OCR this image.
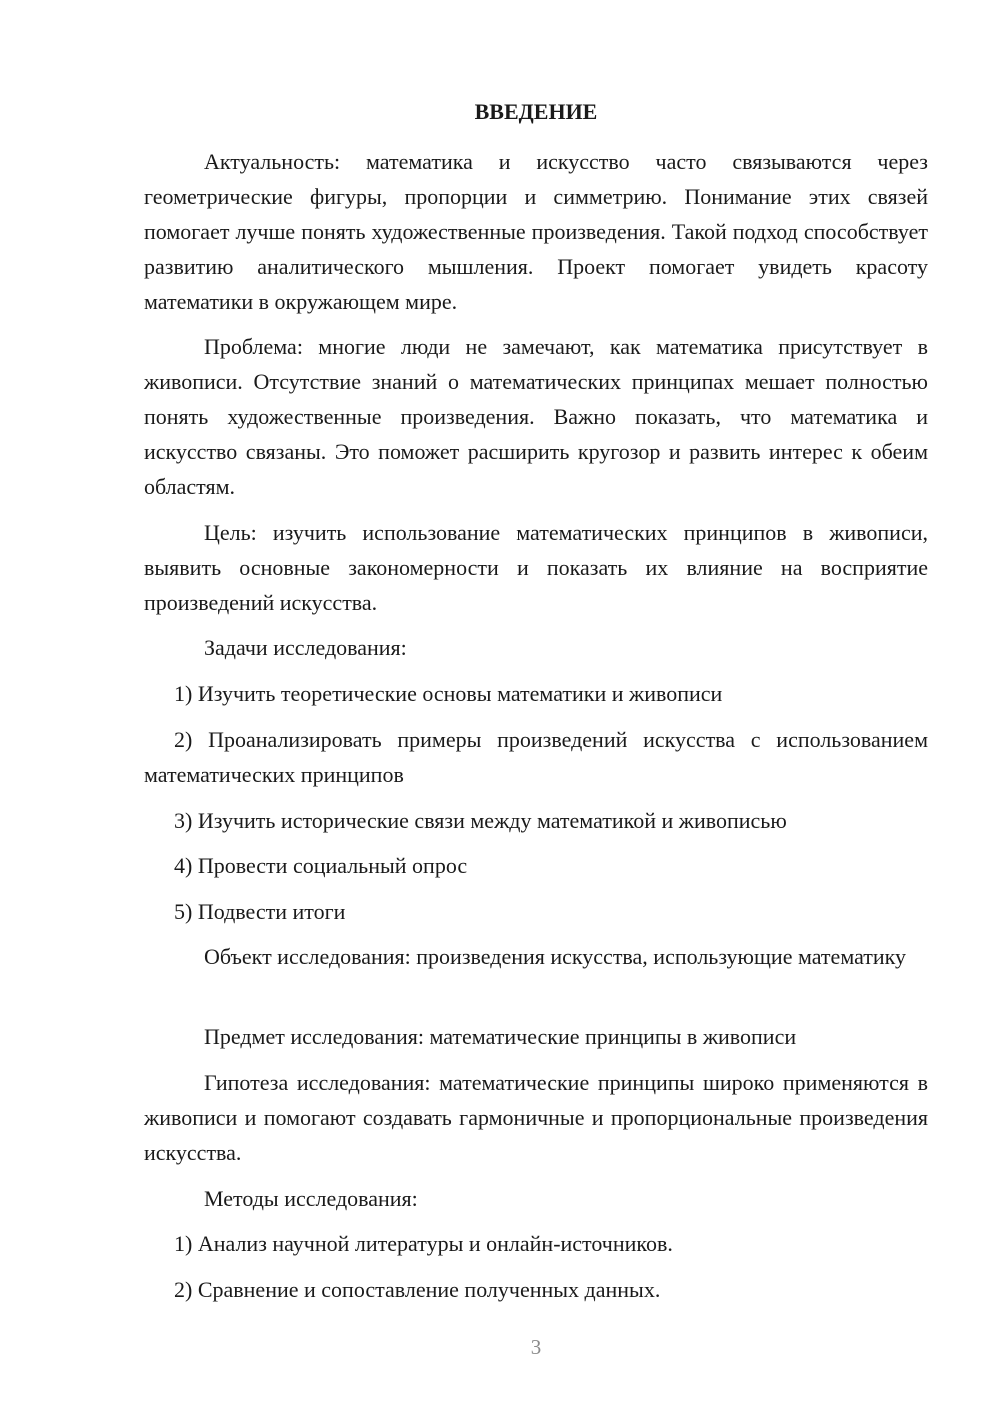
ВВЕДЕНИЕ

Актуальность: математика и искусство часто связываются через геометрические фигуры, пропорции и симметрию. Понимание этих связей помогает лучше понять художественные произведения. Такой подход способствует развитию аналитического мышления. Проект помогает увидеть красоту математики в окружающем мире.

Проблема: многие люди не замечают, как математика присутствует в живописи. Отсутствие знаний о математических принципах мешает полностью понять художественные произведения. Важно показать, что математика и искусство связаны. Это поможет расширить кругозор и развить интерес к обеим областям.

Цель: изучить использование математических принципов в живописи, выявить основные закономерности и показать их влияние на восприятие произведений искусства.

Задачи исследования:

1) Изучить теоретические основы математики и живописи

2) Проанализировать примеры произведений искусства с использованием математических принципов

3) Изучить исторические связи между математикой и живописью

4) Провести социальный опрос

5) Подвести итоги

Объект исследования: произведения искусства, использующие математику

Предмет исследования: математические принципы в живописи

Гипотеза исследования: математические принципы широко применяются в живописи и помогают создавать гармоничные и пропорциональные произведения искусства.

Методы исследования:

1) Анализ научной литературы и онлайн-источников.

2) Сравнение и сопоставление полученных данных.

3
